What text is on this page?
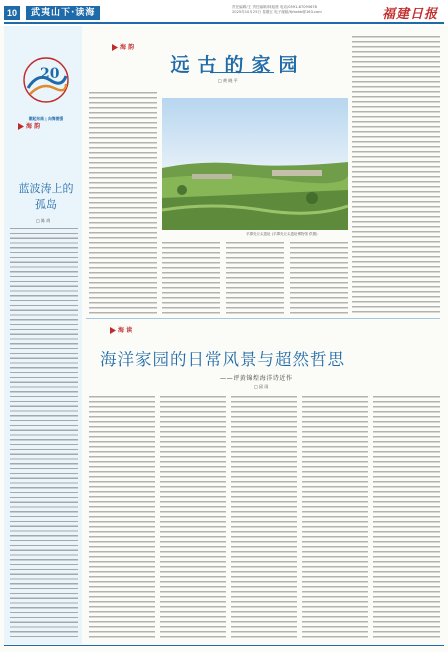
10	武夷山下·读海
责任编辑/王 责任编辑/林旭晨 电话/0591-87095678
2025年10月25日 星期五 电子邮箱/fjrbxhb@163.com	福建日报
20
潮起东南 | 向海图强
海 韵
蓝波涛上的孤岛
□ 陈 尚
海 韵
远古的家园
□ 黄 晓 平
平潭壳丘头遗址 (平潭壳丘头遗址博物馆 供图)
海 读
海洋家园的日常风景与超然哲思
——评黄锦煌海洋诗近作
□ 邱 雨
